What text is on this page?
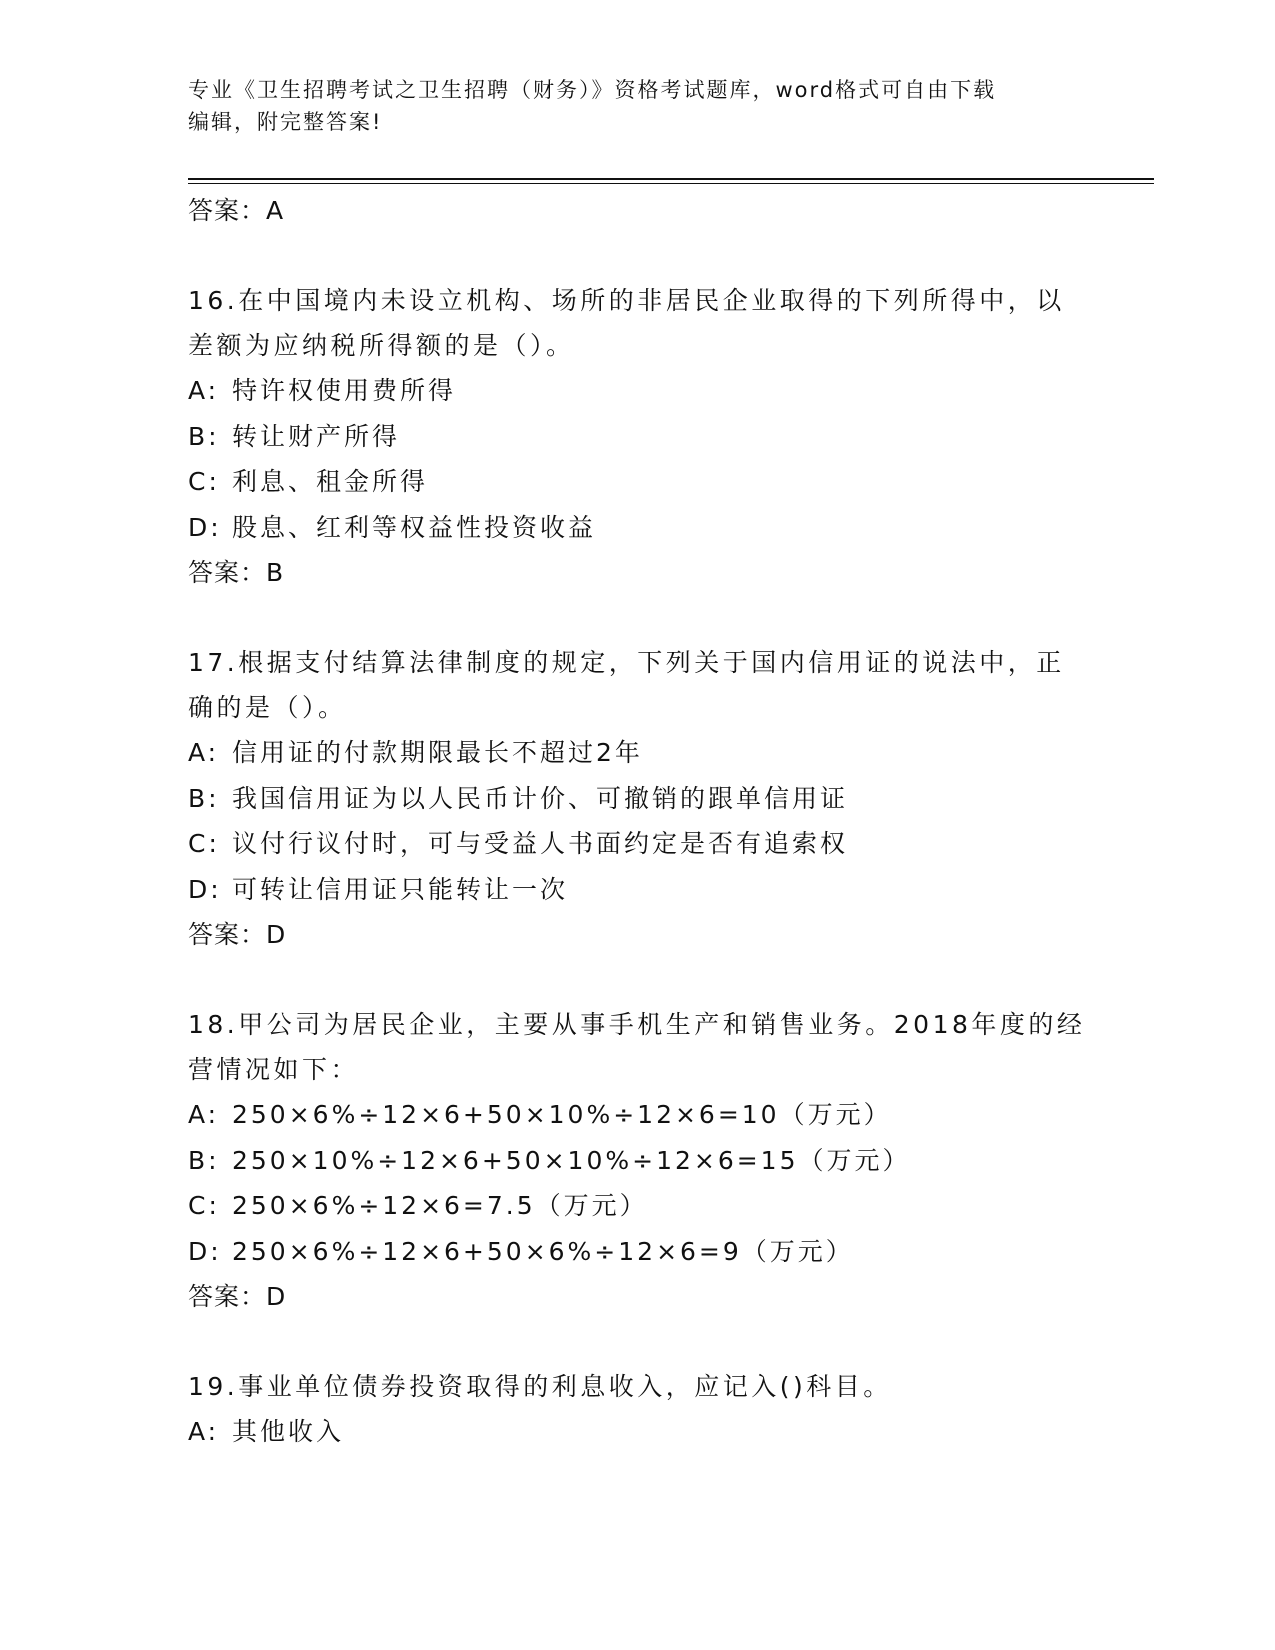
专业《卫生招聘考试之卫生招聘（财务）》资格考试题库，word格式可自由下载
编辑，附完整答案!
答案：A
16.在中国境内未设立机构、场所的非居民企业取得的下列所得中，以
差额为应纳税所得额的是（）。
A: 特许权使用费所得
B: 转让财产所得
C: 利息、租金所得
D: 股息、红利等权益性投资收益
答案：B
17.根据支付结算法律制度的规定，下列关于国内信用证的说法中，正
确的是（）。
A: 信用证的付款期限最长不超过2年
B: 我国信用证为以人民币计价、可撤销的跟单信用证
C: 议付行议付时，可与受益人书面约定是否有追索权
D: 可转让信用证只能转让一次
答案：D
18.甲公司为居民企业，主要从事手机生产和销售业务。2018年度的经
营情况如下：
A: 250×6%÷12×6+50×10%÷12×6=10（万元）
B: 250×10%÷12×6+50×10%÷12×6=15（万元）
C: 250×6%÷12×6=7.5（万元）
D: 250×6%÷12×6+50×6%÷12×6=9（万元）
答案：D
19.事业单位债券投资取得的利息收入，应记入()科目。
A: 其他收入
